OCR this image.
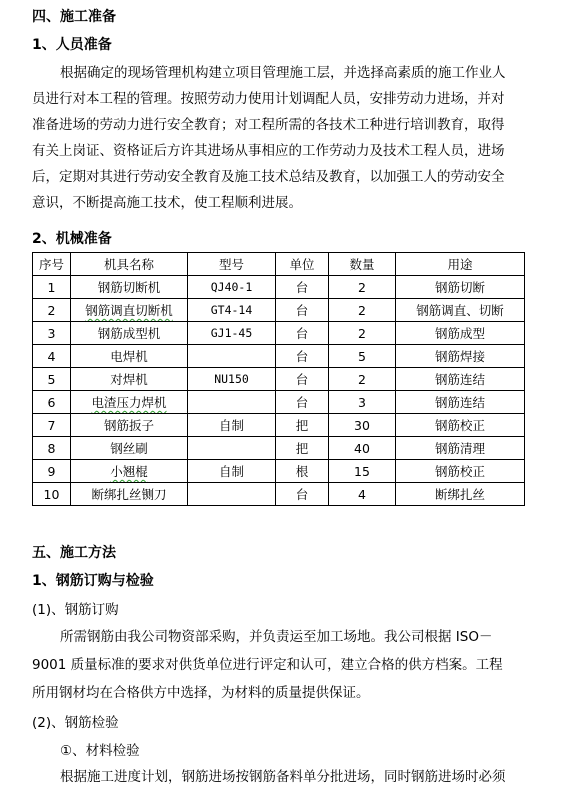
四、施工准备
1、人员准备
根据确定的现场管理机构建立项目管理施工层，并选择高素质的施工作业人
员进行对本工程的管理。按照劳动力使用计划调配人员，安排劳动力进场，并对
准备进场的劳动力进行安全教育；对工程所需的各技术工种进行培训教育，取得
有关上岗证、资格证后方许其进场从事相应的工作劳动力及技术工程人员，进场
后，定期对其进行劳动安全教育及施工技术总结及教育，以加强工人的劳动安全
意识，不断提高施工技术，使工程顺利进展。
2、机械准备
序号	机具名称	型号	单位	数量	用途
1	钢筋切断机	QJ40-1	台	2	钢筋切断
2	钢筋调直切断机	GT4-14	台	2	钢筋调直、切断
3	钢筋成型机	GJ1-45	台	2	钢筋成型
4	电焊机		台	5	钢筋焊接
5	对焊机	NU150	台	2	钢筋连结
6	电渣压力焊机		台	3	钢筋连结
7	钢筋扳子	自制	把	30	钢筋校正
8	钢丝刷		把	40	钢筋清理
9	小翘棍	自制	根	15	钢筋校正
10	断绑扎丝铡刀		台	4	断绑扎丝
五、施工方法
1、钢筋订购与检验
(1)、钢筋订购
所需钢筋由我公司物资部采购，并负责运至加工场地。我公司根据 ISO－
9001 质量标准的要求对供货单位进行评定和认可，建立合格的供方档案。工程
所用钢材均在合格供方中选择，为材料的质量提供保证。
(2)、钢筋检验
①、材料检验
根据施工进度计划，钢筋进场按钢筋备料单分批进场，同时钢筋进场时必须
